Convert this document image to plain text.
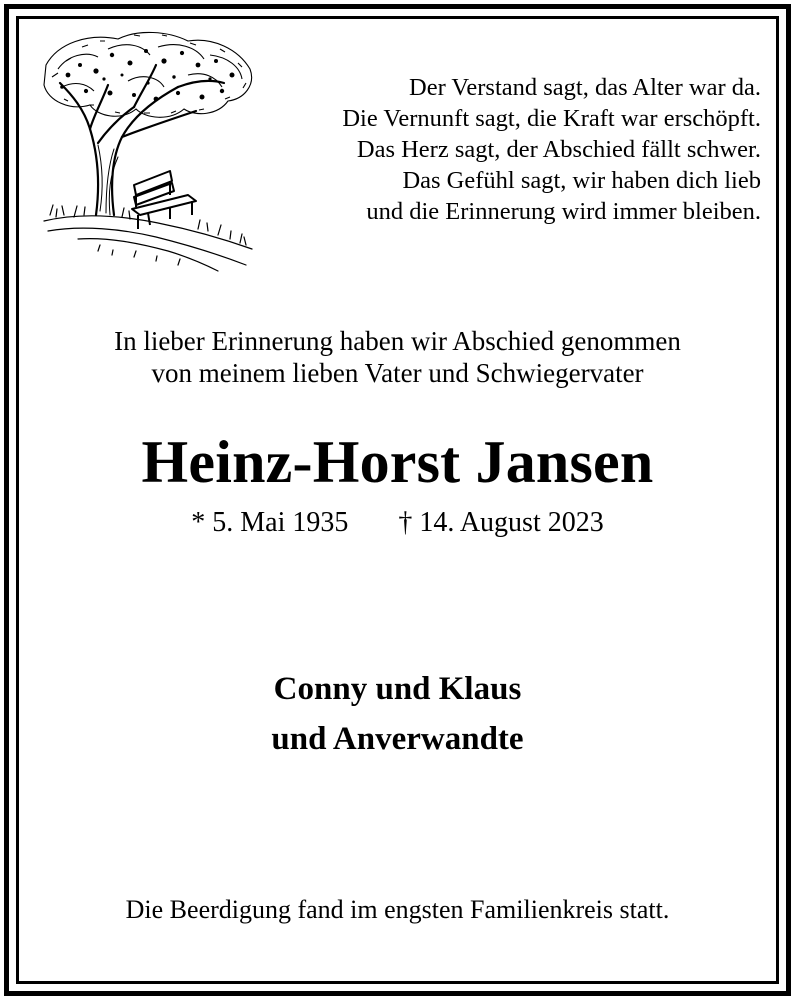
Der Verstand sagt, das Alter war da.
Die Vernunft sagt, die Kraft war erschöpft.
Das Herz sagt, der Abschied fällt schwer.
Das Gefühl sagt, wir haben dich lieb
und die Erinnerung wird immer bleiben.
In lieber Erinnerung haben wir Abschied genommen
von meinem lieben Vater und Schwiegervater
Heinz-Horst Jansen
* 5. Mai 1935 † 14. August 2023
Conny und Klaus
und Anverwandte
Die Beerdigung fand im engsten Familienkreis statt.
